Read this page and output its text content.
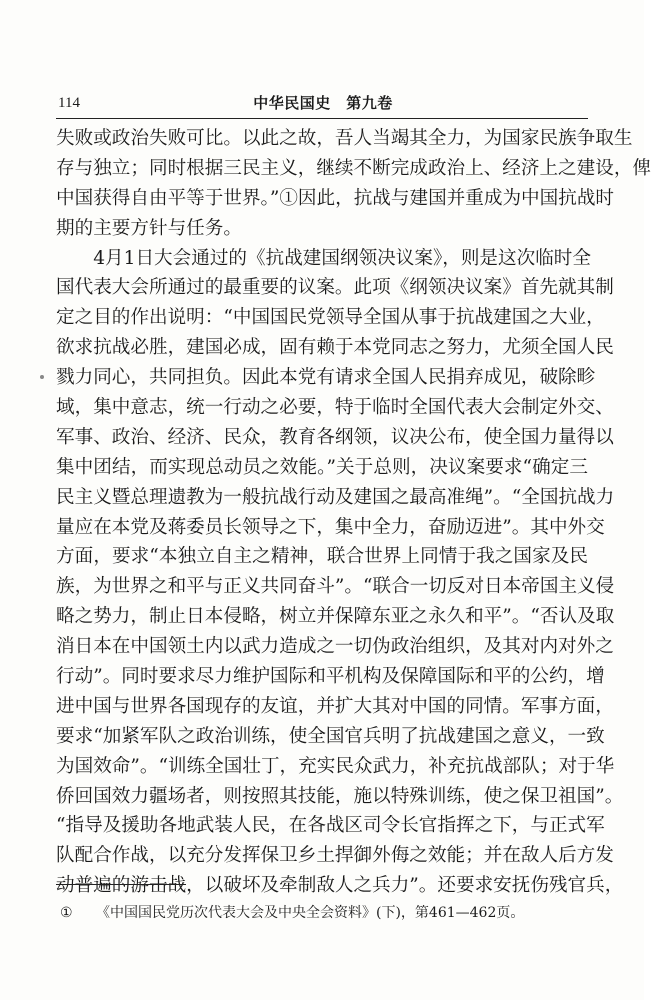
114	中华民国史　第九卷
失败或政治失败可比。以此之故，吾人当竭其全力，为国家民族争取生
存与独立；同时根据三民主义，继续不断完成政治上、经济上之建设，俾
中国获得自由平等于世界。”①因此，抗战与建国并重成为中国抗战时
期的主要方针与任务。
　　4月1日大会通过的《抗战建国纲领决议案》，则是这次临时全
国代表大会所通过的最重要的议案。此项《纲领决议案》首先就其制
定之目的作出说明：“中国国民党领导全国从事于抗战建国之大业，
欲求抗战必胜，建国必成，固有赖于本党同志之努力，尤须全国人民
戮力同心，共同担负。因此本党有请求全国人民捐弃成见，破除畛
域，集中意志，统一行动之必要，特于临时全国代表大会制定外交、
军事、政治、经济、民众，教育各纲领，议决公布，使全国力量得以
集中团结，而实现总动员之效能。”关于总则，决议案要求“确定三
民主义暨总理遗教为一般抗战行动及建国之最高准绳”。“全国抗战力
量应在本党及蒋委员长领导之下，集中全力，奋励迈进”。其中外交
方面，要求“本独立自主之精神，联合世界上同情于我之国家及民
族，为世界之和平与正义共同奋斗”。“联合一切反对日本帝国主义侵
略之势力，制止日本侵略，树立并保障东亚之永久和平”。“否认及取
消日本在中国领土内以武力造成之一切伪政治组织，及其对内对外之
行动”。同时要求尽力维护国际和平机构及保障国际和平的公约，增
进中国与世界各国现存的友谊，并扩大其对中国的同情。军事方面，
要求“加紧军队之政治训练，使全国官兵明了抗战建国之意义，一致
为国效命”。“训练全国壮丁，充实民众武力，补充抗战部队；对于华
侨回国效力疆场者，则按照其技能，施以特殊训练，使之保卫祖国”。
“指导及援助各地武装人民，在各战区司令长官指挥之下，与正式军
队配合作战，以充分发挥保卫乡土捍御外侮之效能；并在敌人后方发
动普遍的游击战，以破坏及牵制敌人之兵力”。还要求安抚伤残官兵，
① 《中国国民党历次代表大会及中央全会资料》(下)，第461—462页。
